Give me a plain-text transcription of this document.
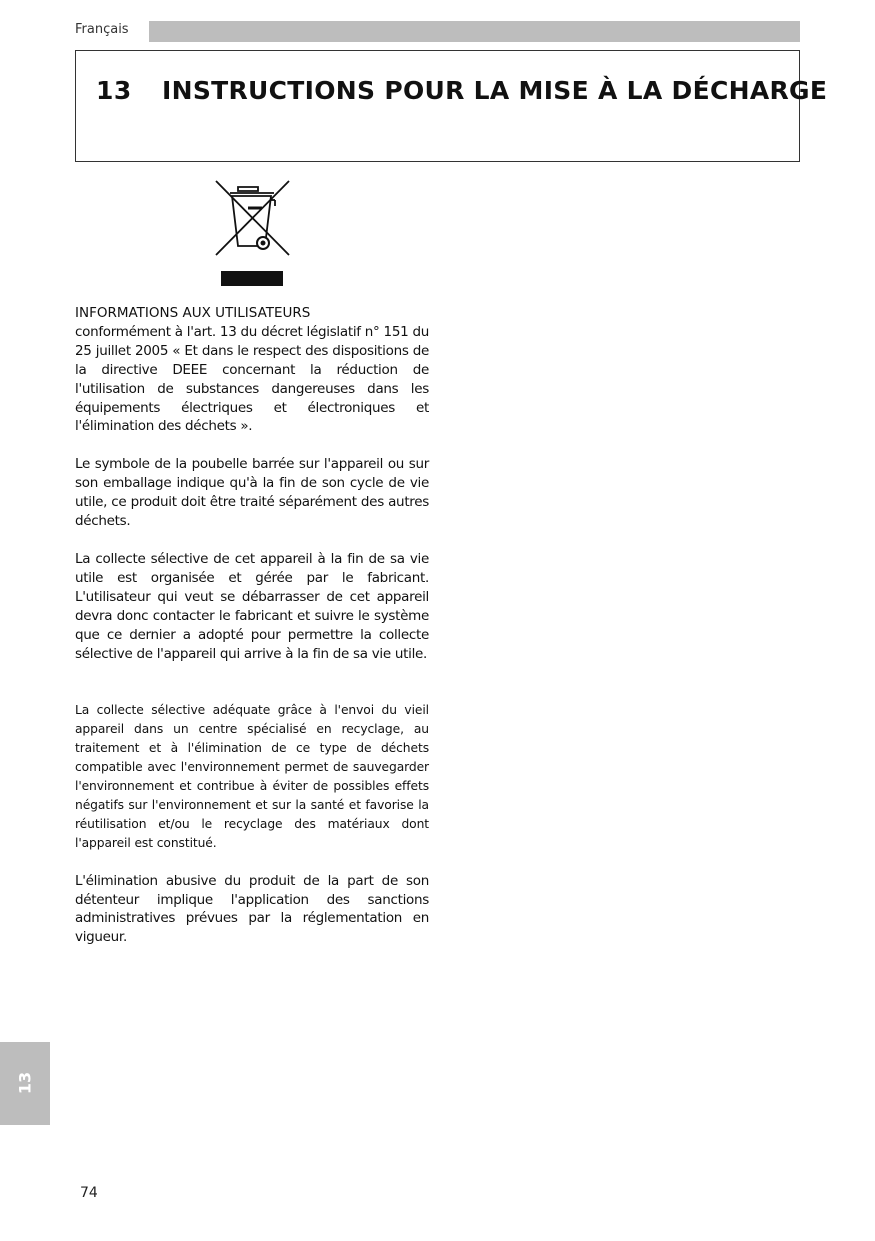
Français
13 INSTRUCTIONS POUR LA MISE À LA DÉCHARGE

INFORMATIONS AUX UTILISATEURS

conformément à l'art. 13 du décret législatif n° 151 du 25 juillet 2005 « Et dans le respect des dispositions de la directive DEEE concernant la réduction de l'utilisation de substances dangereuses dans les équipements électriques et électroniques et l'élimination des déchets ».

Le symbole de la poubelle barrée sur l'appareil ou sur son emballage indique qu'à la fin de son cycle de vie utile, ce produit doit être traité séparément des autres déchets.

La collecte sélective de cet appareil à la fin de sa vie utile est organisée et gérée par le fabricant. L'utilisateur qui veut se débarrasser de cet appareil devra donc contacter le fabricant et suivre le système que ce dernier a adopté pour permettre la collecte sélective de l'appareil qui arrive à la fin de sa vie utile.

La collecte sélective adéquate grâce à l'envoi du vieil appareil dans un centre spécialisé en recyclage, au traitement et à l'élimination de ce type de déchets compatible avec l'environnement permet de sauvegarder l'environnement et contribue à éviter de possibles effets négatifs sur l'environnement et sur la santé et favorise la réutilisation et/ou le recyclage des matériaux dont l'appareil est constitué.

L'élimination abusive du produit de la part de son détenteur implique l'application des sanctions administratives prévues par la réglementation en vigueur.

13
74
